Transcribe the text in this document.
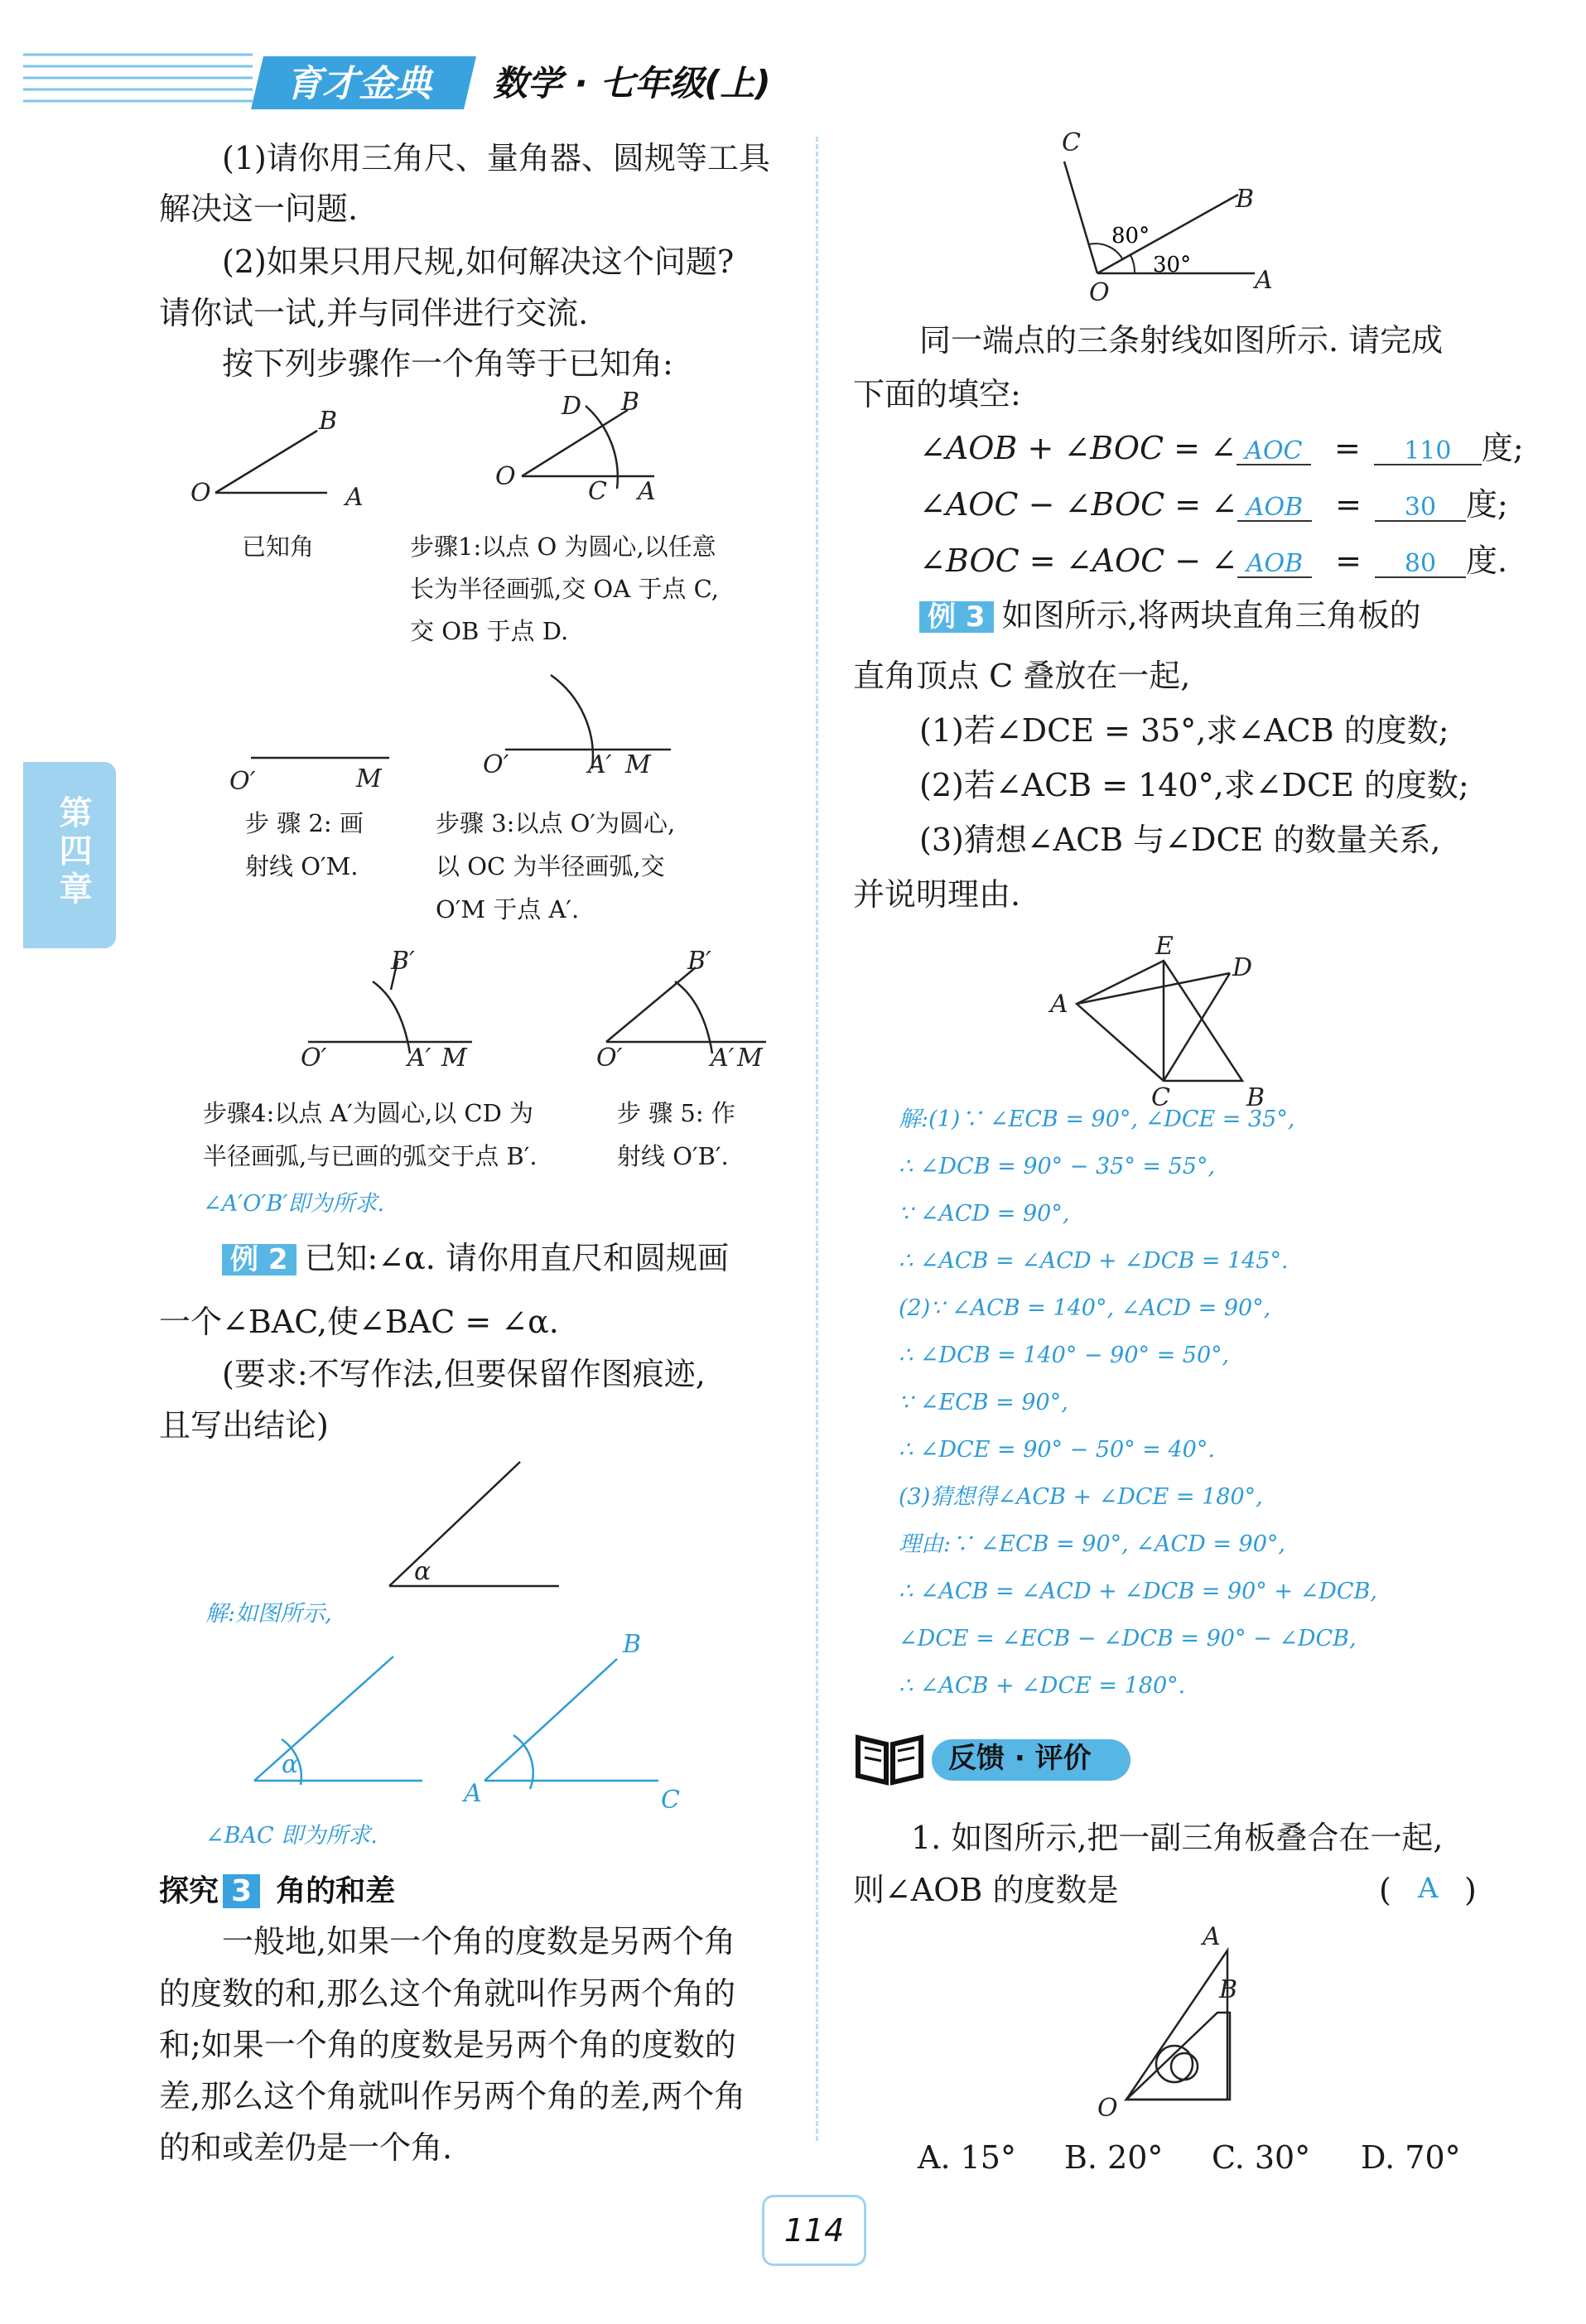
育才金典 数学 · 七年级(上)
第四章
(1)请你用三角尺、量角器、圆规等工具
解决这一问题.
(2)如果只用尺规,如何解决这个问题?
请你试一试,并与同伴进行交流.
按下列步骤作一个角等于已知角:
B
O	A
已知角
D B
O
C A
步骤1:以点 O 为圆心,以任意
长为半径画弧,交 OA 于点 C,
交 OB 于点 D.
O′	M
步 骤 2: 画
射线 O′M.
O′	A′ M
步骤 3:以点 O′为圆心,
以 OC 为半径画弧,交
O′M 于点 A′.
B′
O′	A′ M
步骤4:以点 A′为圆心,以 CD 为
半径画弧,与已画的弧交于点 B′.
B′
O′	A′ M
步 骤 5: 作
射线 O′B′.
∠A′O′B′即为所求.
例 2 已知:∠α. 请你用直尺和圆规画
一个∠BAC,使∠BAC = ∠α.
(要求:不写作法,但要保留作图痕迹,
且写出结论)
α
解:如图所示,
α
B
A	C
∠BAC 即为所求.
探究 3 角的和差
一般地,如果一个角的度数是另两个角
的度数的和,那么这个角就叫作另两个角的
和;如果一个角的度数是另两个角的度数的
差,那么这个角就叫作另两个角的差,两个角
的和或差仍是一个角.
C
B
80°
30°
O	A
同一端点的三条射线如图所示. 请完成
下面的填空:
∠AOB + ∠BOC = ∠ AOC = 110 度;
∠AOC − ∠BOC = ∠ AOB = 30 度;
∠BOC = ∠AOC − ∠ AOB = 80 度.
例 3 如图所示,将两块直角三角板的
直角顶点 C 叠放在一起,
(1)若∠DCE = 35°,求∠ACB 的度数;
(2)若∠ACB = 140°,求∠DCE 的度数;
(3)猜想∠ACB 与∠DCE 的数量关系,
并说明理由.
E
D
A
C	B
解:(1)∵ ∠ECB = 90°, ∠DCE = 35°,
∴ ∠DCB = 90° − 35° = 55°,
∵ ∠ACD = 90°,
∴ ∠ACB = ∠ACD + ∠DCB = 145°.
(2)∵ ∠ACB = 140°, ∠ACD = 90°,
∴ ∠DCB = 140° − 90° = 50°,
∵ ∠ECB = 90°,
∴ ∠DCE = 90° − 50° = 40°.
(3)猜想得∠ACB + ∠DCE = 180°,
理由:∵ ∠ECB = 90°, ∠ACD = 90°,
∴ ∠ACB = ∠ACD + ∠DCB = 90° + ∠DCB,
∠DCE = ∠ECB − ∠DCB = 90° − ∠DCB,
∴ ∠ACB + ∠DCE = 180°.
反馈 · 评价
1. 如图所示,把一副三角板叠合在一起,
则∠AOB 的度数是	( A )
A
B
O
A. 15° B. 20° C. 30° D. 70°
114
